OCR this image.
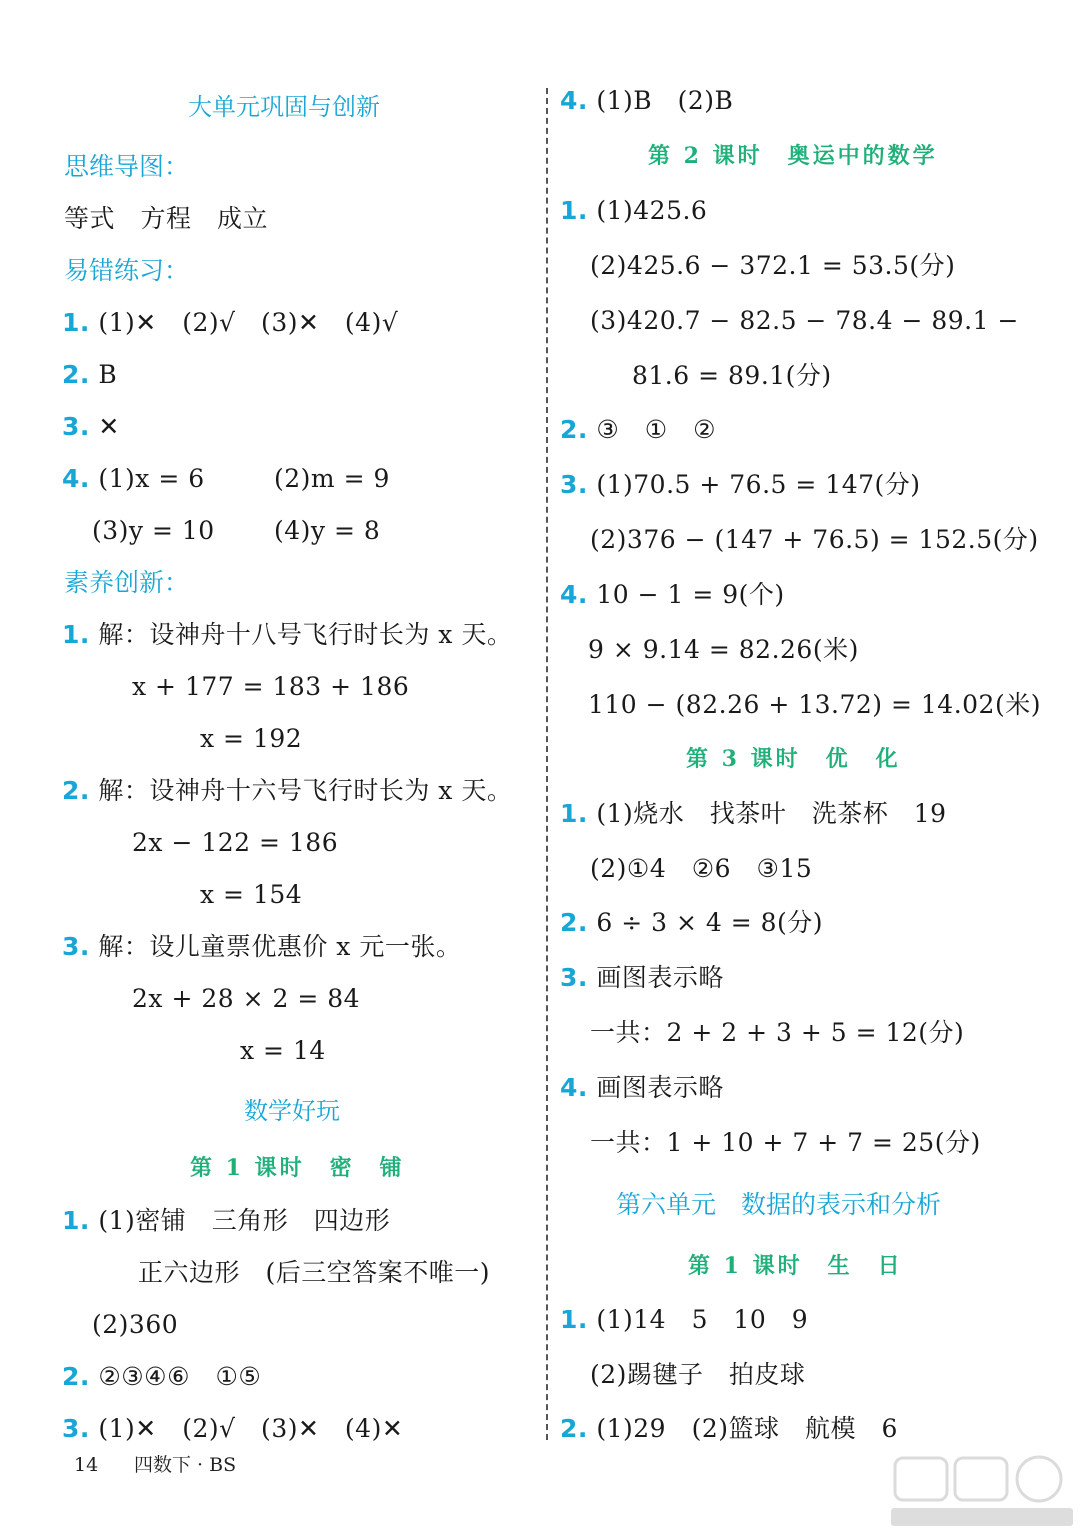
大单元巩固与创新
思维导图：
等式　方程　成立
易错练习：
1. (1)✕　(2)√　(3)✕　(4)√
2. B
3. ✕
4. (1)x = 6	(2)m = 9
(3)y = 10 (4)y = 8
素养创新：
1. 解：设神舟十八号飞行时长为 x 天。
x + 177 = 183 + 186
x = 192
2. 解：设神舟十六号飞行时长为 x 天。
2x − 122 = 186
x = 154
3. 解：设儿童票优惠价 x 元一张。
2x + 28 × 2 = 84
x = 14
数学好玩
第 1 课时　密　铺
1. (1)密铺　三角形　四边形
正六边形　(后三空答案不唯一)
(2)360
2. ②③④⑥　①⑤
3. (1)✕　(2)√　(3)✕　(4)✕
4. (1)B　(2)B
第 2 课时　奥运中的数学
1. (1)425.6
(2)425.6 − 372.1 = 53.5(分)
(3)420.7 − 82.5 − 78.4 − 89.1 −
81.6 = 89.1(分)
2. ③　①　②
3. (1)70.5 + 76.5 = 147(分)
(2)376 − (147 + 76.5) = 152.5(分)
4. 10 − 1 = 9(个)
9 × 9.14 = 82.26(米)
110 − (82.26 + 13.72) = 14.02(米)
第 3 课时　优　化
1. (1)烧水　找茶叶　洗茶杯　19
(2)①4　②6　③15
2. 6 ÷ 3 × 4 = 8(分)
3. 画图表示略
一共：2 + 2 + 3 + 5 = 12(分)
4. 画图表示略
一共：1 + 10 + 7 + 7 = 25(分)
第六单元　数据的表示和分析
第 1 课时　生　日
1. (1)14　5　10　9
(2)踢毽子　拍皮球
2. (1)29　(2)篮球　航模　6
14 四数下 · BS
